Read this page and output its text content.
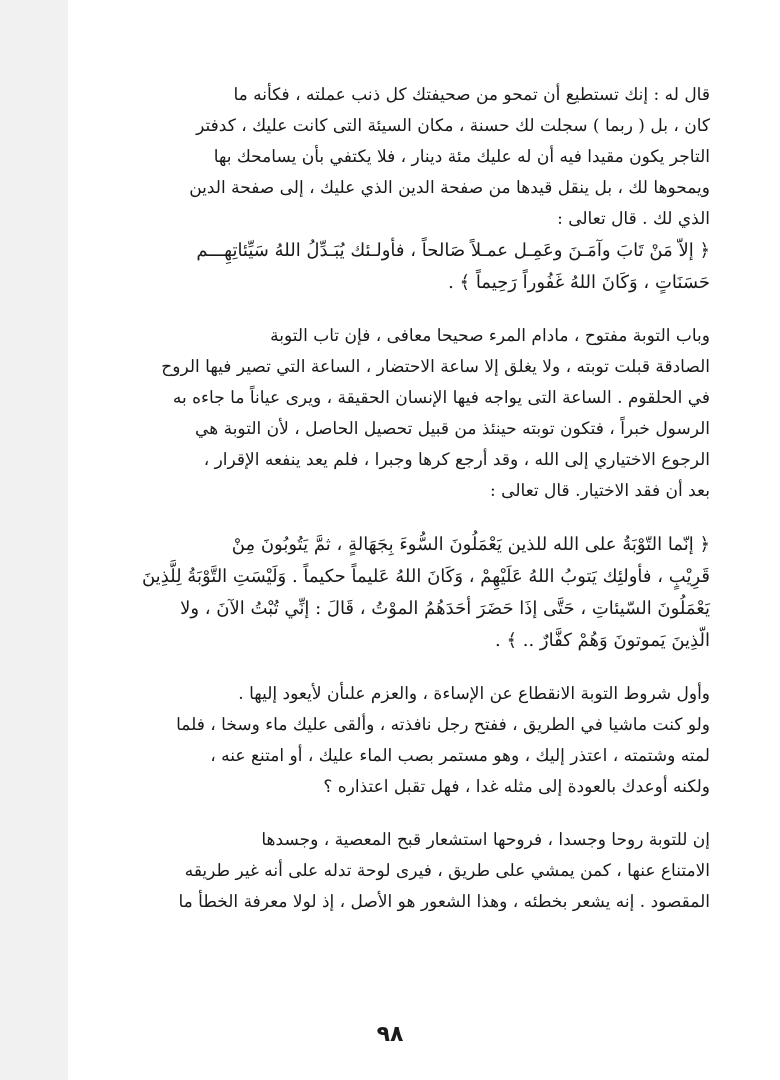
قال له : إنك تستطيع أن تمحو من صحيفتك كل ذنب عملته ، فكأنه ما
كان ، بل ( ربما ) سجلت لك حسنة ، مكان السيئة التى كانت عليك ، كدفتر
التاجر يكون مقيدا فيه أن له عليك مئة دينار ، فلا يكتفي بأن يسامحك بها
ويمحوها لك ، بل ينقل قيدها من صفحة الدين الذي عليك ، إلى صفحة الدين
الذي لك . قال تعالى :

﴿ إلاّ مَنْ تَابَ وآمَـنَ وعَمِـل عمـلاً صَالحاً ، فأولـئك يُبَـدِّلُ اللهُ سَيِّئاتِهِـــم
حَسَنَاتٍ ، وَكَانَ اللهُ غَفُوراً رَحِيماً ﴾ .

وباب التوبة مفتوح ، مادام المرء صحيحا معافى ، فإن تاب التوبة
الصادقة قبلت توبته ، ولا يغلق إلا ساعة الاحتضار ، الساعة التي تصير فيها الروح
في الحلقوم . الساعة التى يواجه فيها الإنسان الحقيقة ، ويرى عياناً ما جاءه به
الرسول خبراً ، فتكون توبته حينئذ من قبيل تحصيل الحاصل ، لأن التوبة هي
الرجوع الاختياري إلى الله ، وقد أرجع كرها وجبرا ، فلم يعد ينفعه الإقرار ،
بعد أن فقد الاختيار. قال تعالى :

﴿ إنّما التّوْبَةُ على الله للذين يَعْمَلُونَ السُّوءَ بِجَهَالةٍ ، ثمَّ يَتُوبُونَ مِنْ
قَرِيْبٍ ، فأولئِك يَتوبُ اللهُ عَلَيْهِمْ ، وَكَانَ اللهُ عَليماً حكيماً . وَلَيْسَتِ التَّوْبَةُ لِلَّذِينَ
يَعْمَلُونَ السّيئاتِ ، حَتَّى إذَا حَضَرَ أحَدَهُمُ الموْتُ ، قَالَ : إنِّي تُبْتُ الآنَ ، ولا
الّذِينَ يَموتونَ وَهُمْ كفَّارٌ .. ﴾ .

وأول شروط التوبة الانقطاع عن الإساءة ، والعزم علىأن لأيعود إليها .
ولو كنت ماشيا في الطريق ، ففتح رجل نافذته ، وألقى عليك ماء وسخا ، فلما
لمته وشتمته ، اعتذر إليك ، وهو مستمر بصب الماء عليك ، أو امتنع عنه ،
ولكنه أوعدك بالعودة إلى مثله غدا ، فهل تقبل اعتذاره ؟

إن للتوبة روحا وجسدا ، فروحها استشعار قبح المعصية ، وجسدها
الامتناع عنها ، كمن يمشي على طريق ، فيرى لوحة تدله على أنه غير طريقه
المقصود . إنه يشعر بخطئه ، وهذا الشعور هو الأصل ، إذ لولا معرفة الخطأ ما

٩٨
